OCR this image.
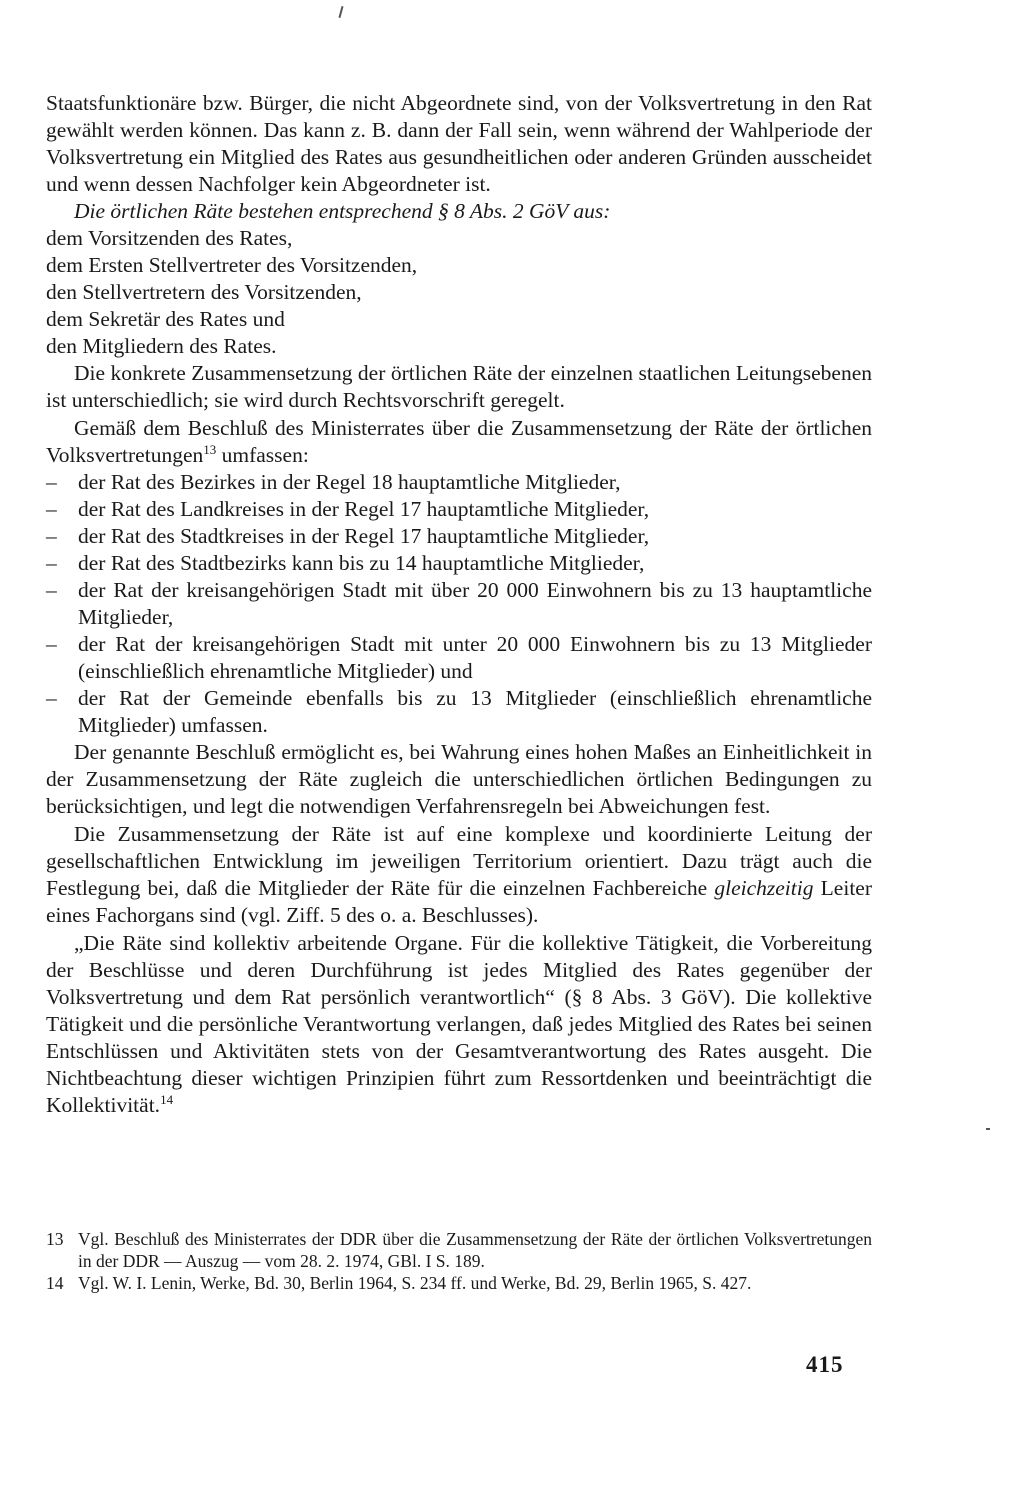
Staatsfunktionäre bzw. Bürger, die nicht Abgeordnete sind, von der Volksvertretung in den Rat gewählt werden können. Das kann z. B. dann der Fall sein, wenn während der Wahlperiode der Volksvertretung ein Mitglied des Rates aus gesundheitlichen oder anderen Gründen ausscheidet und wenn dessen Nachfolger kein Abgeordneter ist.

Die örtlichen Räte bestehen entsprechend § 8 Abs. 2 GöV aus:

dem Vorsitzenden des Rates,

dem Ersten Stellvertreter des Vorsitzenden,

den Stellvertretern des Vorsitzenden,

dem Sekretär des Rates und

den Mitgliedern des Rates.

Die konkrete Zusammensetzung der örtlichen Räte der einzelnen staatlichen Leitungsebenen ist unterschiedlich; sie wird durch Rechtsvorschrift geregelt.

Gemäß dem Beschluß des Ministerrates über die Zusammensetzung der Räte der örtlichen Volksvertretungen$^{13}$ umfassen:

– der Rat des Bezirkes in der Regel 18 hauptamtliche Mitglieder,
– der Rat des Landkreises in der Regel 17 hauptamtliche Mitglieder,
– der Rat des Stadtkreises in der Regel 17 hauptamtliche Mitglieder,
– der Rat des Stadtbezirks kann bis zu 14 hauptamtliche Mitglieder,
– der Rat der kreisangehörigen Stadt mit über 20 000 Einwohnern bis zu 13 hauptamtliche Mitglieder,
– der Rat der kreisangehörigen Stadt mit unter 20 000 Einwohnern bis zu 13 Mitglieder (einschließlich ehrenamtliche Mitglieder) und
– der Rat der Gemeinde ebenfalls bis zu 13 Mitglieder (einschließlich ehrenamtliche Mitglieder) umfassen.

Der genannte Beschluß ermöglicht es, bei Wahrung eines hohen Maßes an Einheitlichkeit in der Zusammensetzung der Räte zugleich die unterschiedlichen örtlichen Bedingungen zu berücksichtigen, und legt die notwendigen Verfahrensregeln bei Abweichungen fest.

Die Zusammensetzung der Räte ist auf eine komplexe und koordinierte Leitung der gesellschaftlichen Entwicklung im jeweiligen Territorium orientiert. Dazu trägt auch die Festlegung bei, daß die Mitglieder der Räte für die einzelnen Fachbereiche gleichzeitig Leiter eines Fachorgans sind (vgl. Ziff. 5 des o. a. Beschlusses).

„Die Räte sind kollektiv arbeitende Organe. Für die kollektive Tätigkeit, die Vorbereitung der Beschlüsse und deren Durchführung ist jedes Mitglied des Rates gegenüber der Volksvertretung und dem Rat persönlich verantwortlich“ (§ 8 Abs. 3 GöV). Die kollektive Tätigkeit und die persönliche Verantwortung verlangen, daß jedes Mitglied des Rates bei seinen Entschlüssen und Aktivitäten stets von der Gesamtverantwortung des Rates ausgeht. Die Nichtbeachtung dieser wichtigen Prinzipien führt zum Ressortdenken und beeinträchtigt die Kollektivität.$^{14}$

13 Vgl. Beschluß des Ministerrates der DDR über die Zusammensetzung der Räte der örtlichen Volksvertretungen in der DDR — Auszug — vom 28. 2. 1974, GBl. I S. 189.

14 Vgl. W. I. Lenin, Werke, Bd. 30, Berlin 1964, S. 234 ff. und Werke, Bd. 29, Berlin 1965, S. 427.

415
